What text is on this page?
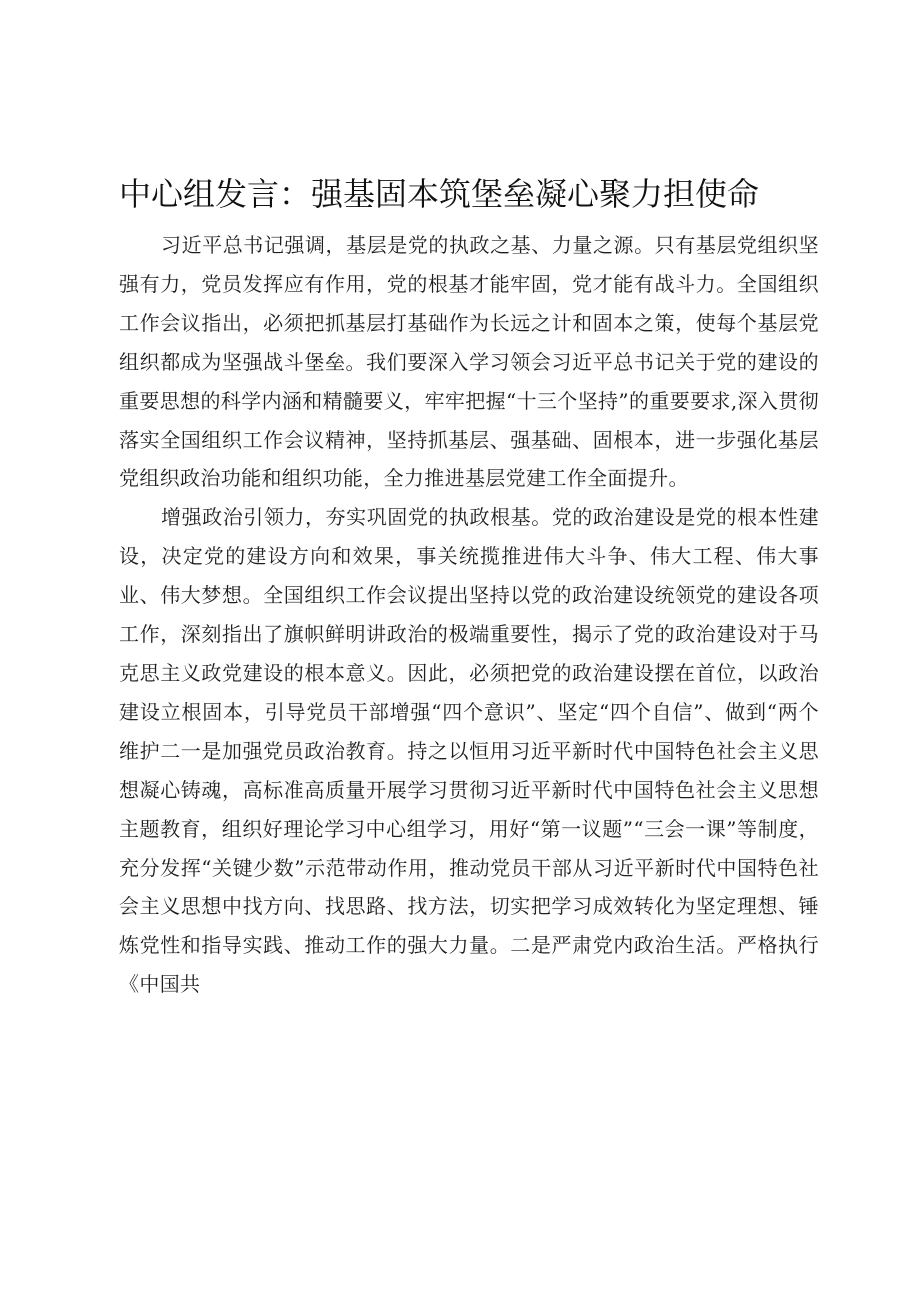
中心组发言：强基固本筑堡垒凝心聚力担使命

习近平总书记强调，基层是党的执政之基、力量之源。只有基层党组织坚强有力，党员发挥应有作用，党的根基才能牢固，党才能有战斗力。全国组织工作会议指出，必须把抓基层打基础作为长远之计和固本之策，使每个基层党组织都成为坚强战斗堡垒。我们要深入学习领会习近平总书记关于党的建设的重要思想的科学内涵和精髓要义，牢牢把握“十三个坚持”的重要要求,深入贯彻落实全国组织工作会议精神，坚持抓基层、强基础、固根本，进一步强化基层党组织政治功能和组织功能，全力推进基层党建工作全面提升。

增强政治引领力，夯实巩固党的执政根基。党的政治建设是党的根本性建设，决定党的建设方向和效果，事关统揽推进伟大斗争、伟大工程、伟大事业、伟大梦想。全国组织工作会议提出坚持以党的政治建设统领党的建设各项工作，深刻指出了旗帜鲜明讲政治的极端重要性，揭示了党的政治建设对于马克思主义政党建设的根本意义。因此，必须把党的政治建设摆在首位，以政治建设立根固本，引导党员干部增强“四个意识”、坚定“四个自信”、做到“两个维护二一是加强党员政治教育。持之以恒用习近平新时代中国特色社会主义思想凝心铸魂，高标准高质量开展学习贯彻习近平新时代中国特色社会主义思想主题教育，组织好理论学习中心组学习，用好“第一议题”“三会一课”等制度，充分发挥“关键少数”示范带动作用，推动党员干部从习近平新时代中国特色社会主义思想中找方向、找思路、找方法，切实把学习成效转化为坚定理想、锤炼党性和指导实践、推动工作的强大力量。二是严肃党内政治生活。严格执行《中国共
